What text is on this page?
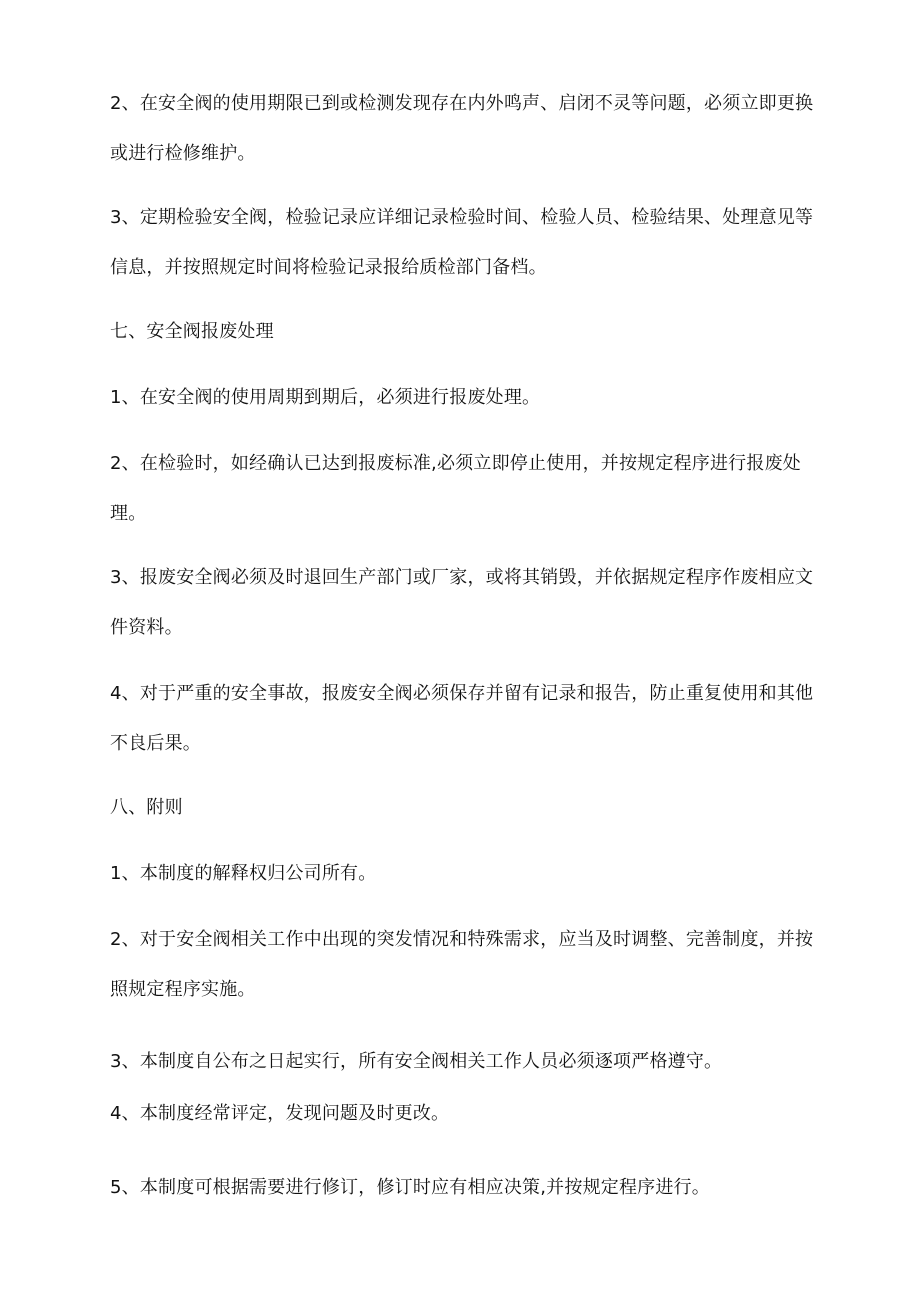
2、在安全阀的使用期限已到或检测发现存在内外鸣声、启闭不灵等问题，必须立即更换
或进行检修维护。
3、定期检验安全阀，检验记录应详细记录检验时间、检验人员、检验结果、处理意见等
信息，并按照规定时间将检验记录报给质检部门备档。
七、安全阀报废处理
1、在安全阀的使用周期到期后，必须进行报废处理。
2、在检验时，如经确认已达到报废标准,必须立即停止使用，并按规定程序进行报废处
理。
3、报废安全阀必须及时退回生产部门或厂家，或将其销毁，并依据规定程序作废相应文
件资料。
4、对于严重的安全事故，报废安全阀必须保存并留有记录和报告，防止重复使用和其他
不良后果。
八、附则
1、本制度的解释权归公司所有。
2、对于安全阀相关工作中出现的突发情况和特殊需求，应当及时调整、完善制度，并按
照规定程序实施。
3、本制度自公布之日起实行，所有安全阀相关工作人员必须逐项严格遵守。
4、本制度经常评定，发现问题及时更改。
5、本制度可根据需要进行修订，修订时应有相应决策,并按规定程序进行。
